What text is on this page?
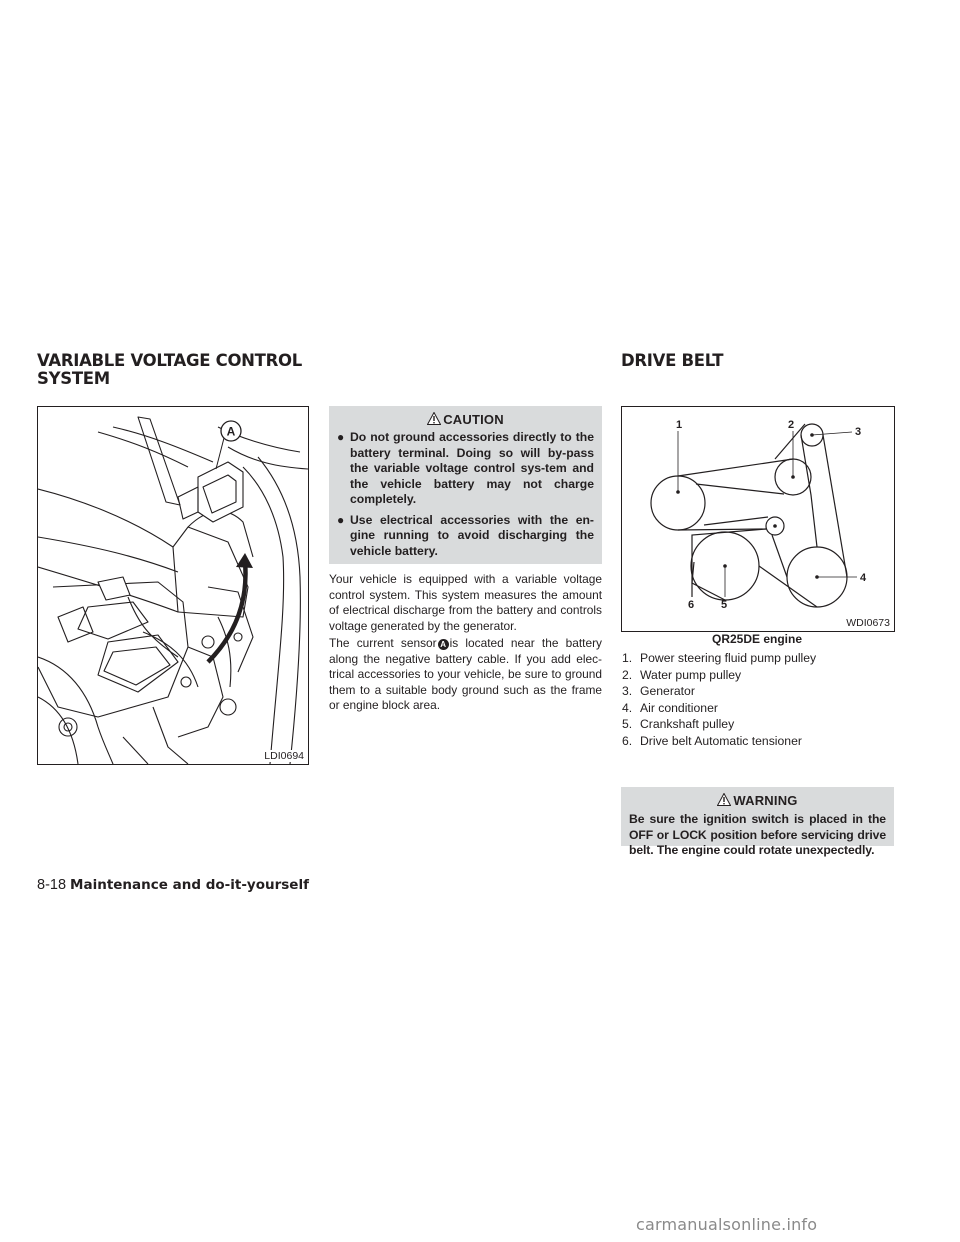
VARIABLE VOLTAGE CONTROL SYSTEM
DRIVE BELT
A
LDI0694
CAUTION
● Do not ground accessories directly to the battery terminal. Doing so will by-pass the variable voltage control sys-tem and the vehicle battery may not charge completely.
● Use electrical accessories with the en-gine running to avoid discharging the vehicle battery.

Your vehicle is equipped with a variable voltage control system. This system measures the amount of electrical discharge from the battery and controls voltage generated by the generator.

The current sensor A is located near the battery along the negative battery cable. If you add elec-trical accessories to your vehicle, be sure to ground them to a suitable body ground such as the frame or engine block area.

1	2
3
4
5
6
WDI0673
QR25DE engine
1. Power steering fluid pump pulley
2. Water pump pulley
3. Generator
4. Air conditioner
5. Crankshaft pulley
6. Drive belt Automatic tensioner
WARNING

Be sure the ignition switch is placed in the OFF or LOCK position before servicing drive belt. The engine could rotate unexpectedly.

8-18 Maintenance and do-it-yourself
carmanualsonline.info
